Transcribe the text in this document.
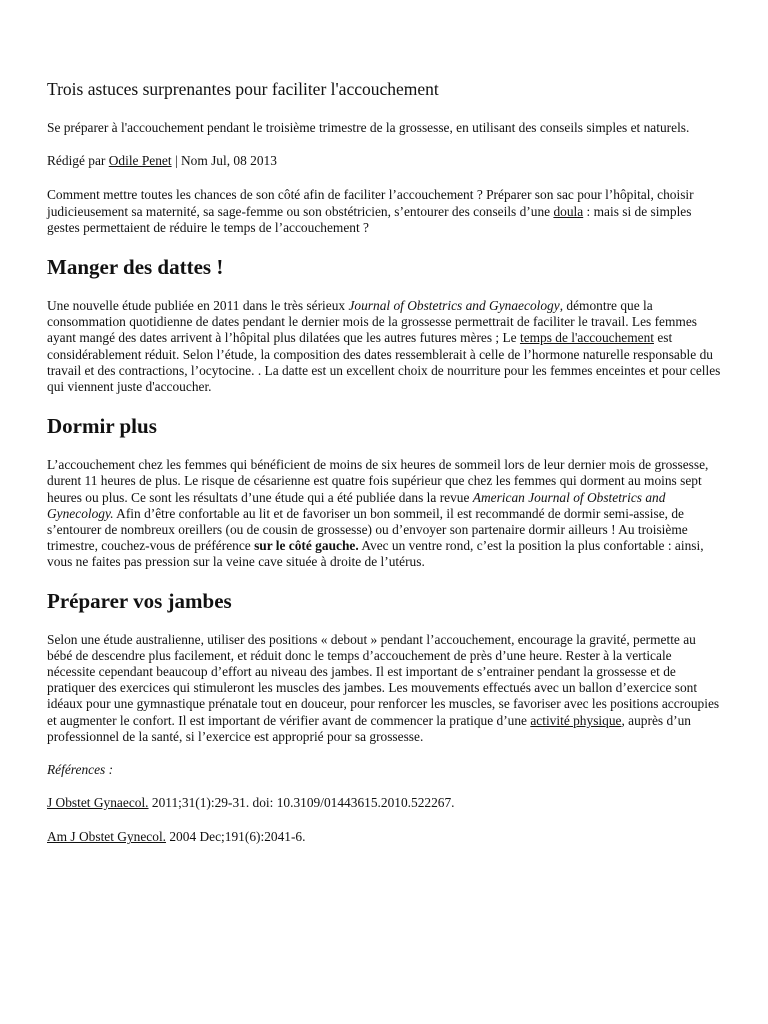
Trois astuces surprenantes pour faciliter l'accouchement

Se préparer à l'accouchement pendant le troisième trimestre de la grossesse, en utilisant des conseils simples et naturels.

Rédigé par Odile Penet | Nom Jul, 08 2013

Comment mettre toutes les chances de son côté afin de faciliter l’accouchement ? Préparer son sac pour l’hôpital, choisir judicieusement sa maternité, sa sage-femme ou son obstétricien, s’entourer des conseils d’une doula : mais si de simples gestes permettaient de réduire le temps de l’accouchement ?

Manger des dattes !

Une nouvelle étude publiée en 2011 dans le très sérieux Journal of Obstetrics and Gynaecology, démontre que la consommation quotidienne de dates pendant le dernier mois de la grossesse permettrait de faciliter le travail. Les femmes ayant mangé des dates arrivent à l’hôpital plus dilatées que les autres futures mères ; Le temps de l'accouchement est considérablement réduit. Selon l’étude, la composition des dates ressemblerait à celle de l’hormone naturelle responsable du travail et des contractions, l’ocytocine. . La datte est un excellent choix de nourriture pour les femmes enceintes et pour celles qui viennent juste d'accoucher.

Dormir plus

L’accouchement chez les femmes qui bénéficient de moins de six heures de sommeil lors de leur dernier mois de grossesse, durent 11 heures de plus. Le risque de césarienne est quatre fois supérieur que chez les femmes qui dorment au moins sept heures ou plus. Ce sont les résultats d’une étude qui a été publiée dans la revue American Journal of Obstetrics and Gynecology. Afin d’être confortable au lit et de favoriser un bon sommeil, il est recommandé de dormir semi-assise, de s’entourer de nombreux oreillers (ou de cousin de grossesse) ou d’envoyer son partenaire dormir ailleurs ! Au troisième trimestre, couchez-vous de préférence sur le côté gauche. Avec un ventre rond, c’est la position la plus confortable : ainsi, vous ne faites pas pression sur la veine cave située à droite de l’utérus.

Préparer vos jambes

Selon une étude australienne, utiliser des positions « debout » pendant l’accouchement, encourage la gravité, permette au bébé de descendre plus facilement, et réduit donc le temps d’accouchement de près d’une heure. Rester à la verticale nécessite cependant beaucoup d’effort au niveau des jambes. Il est important de s’entrainer pendant la grossesse et de pratiquer des exercices qui stimuleront les muscles des jambes. Les mouvements effectués avec un ballon d’exercice sont idéaux pour une gymnastique prénatale tout en douceur, pour renforcer les muscles, se favoriser avec les positions accroupies et augmenter le confort. Il est important de vérifier avant de commencer la pratique d’une activité physique, auprès d’un professionnel de la santé, si l’exercice est approprié pour sa grossesse.

Références :

J Obstet Gynaecol. 2011;31(1):29-31. doi: 10.3109/01443615.2010.522267.

Am J Obstet Gynecol. 2004 Dec;191(6):2041-6.
